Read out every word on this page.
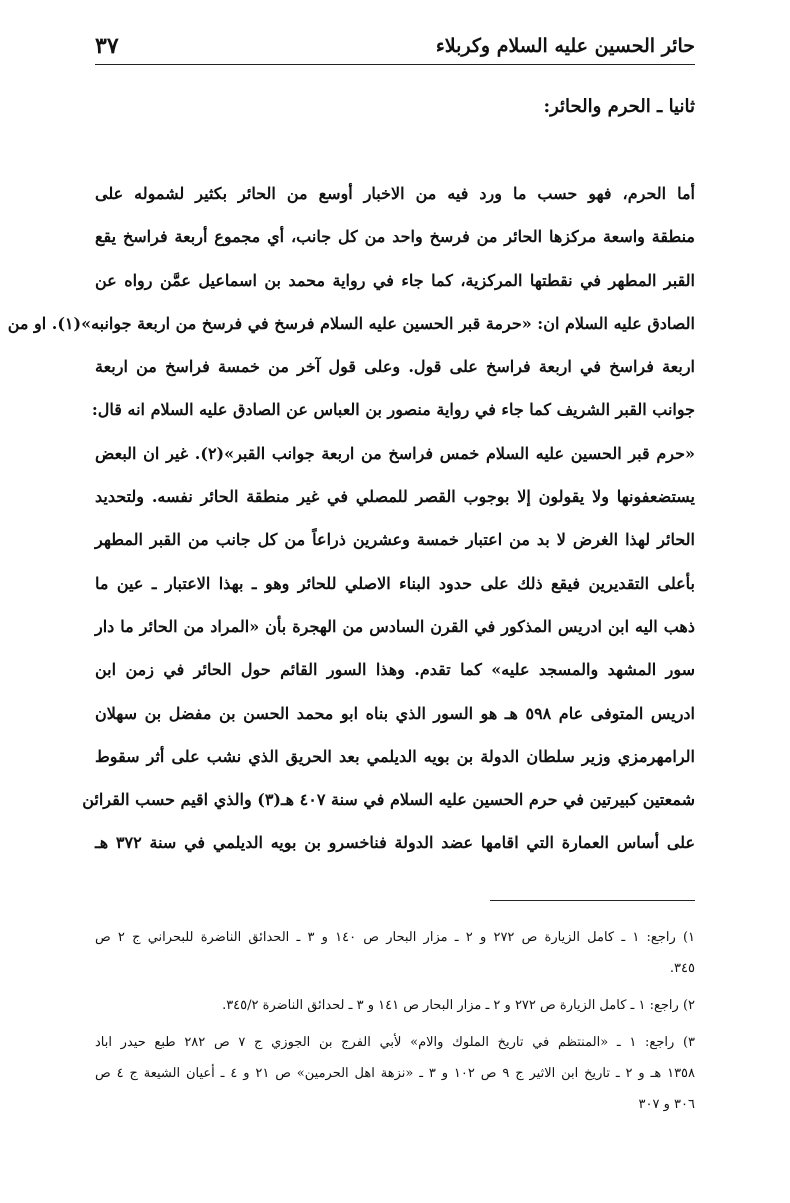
حائر الحسين عليه السلام وكربلاء
٣٧
ثانيا ـ الحرم والحائر:
أما الحرم، فهو حسب ما ورد فيه من الاخبار أوسع من الحائر بكثير لشموله على
منطقة واسعة مركزها الحائر من فرسخ واحد من كل جانب، أي مجموع أربعة فراسخ يقع
القبر المطهر في نقطتها المركزية، كما جاء في رواية محمد بن اسماعيل عمَّن رواه عن
الصادق عليه السلام ان: «حرمة قبر الحسين عليه السلام فرسخ في فرسخ من اربعة جوانبه»(١). او من
اربعة فراسخ في اربعة فراسخ على قول. وعلى قول آخر من خمسة فراسخ من اربعة
جوانب القبر الشريف كما جاء في رواية منصور بن العباس عن الصادق عليه السلام انه قال:
«حرم قبر الحسين عليه السلام خمس فراسخ من اربعة جوانب القبر»(٢). غير ان البعض
يستضعفونها ولا يقولون إلا بوجوب القصر للمصلي في غير منطقة الحائر نفسه. ولتحديد
الحائر لهذا الغرض لا بد من اعتبار خمسة وعشرين ذراعاً من كل جانب من القبر المطهر
بأعلى التقديرين فيقع ذلك على حدود البناء الاصلي للحائر وهو ـ بهذا الاعتبار ـ عين ما
ذهب اليه ابن ادريس المذكور في القرن السادس من الهجرة بأن «المراد من الحائر ما دار
سور المشهد والمسجد عليه» كما تقدم. وهذا السور القائم حول الحائر في زمن ابن
ادريس المتوفى عام ٥٩٨ هـ هو السور الذي بناه ابو محمد الحسن بن مفضل بن سهلان
الرامهرمزي وزير سلطان الدولة بن بويه الديلمي بعد الحريق الذي نشب على أثر سقوط
شمعتين كبيرتين في حرم الحسين عليه السلام في سنة ٤٠٧ هـ(٣) والذي اقيم حسب القرائن
على أساس العمارة التي اقامها عضد الدولة فناخسرو بن بويه الديلمي في سنة ٣٧٢ هـ
١) راجع: ١ ـ كامل الزيارة ص ٢٧٢ و ٢ ـ مزار البحار ص ١٤٠ و ٣ ـ الحدائق الناضرة للبحراني ج ٢ ص
٣٤٥.
٢) راجع: ١ ـ كامل الزيارة ص ٢٧٢ و ٢ ـ مزار البحار ص ١٤١ و ٣ ـ لحدائق الناضرة ٣٤٥/٢.
٣) راجع: ١ ـ «المنتظم في تاريخ الملوك والام» لأبي الفرج بن الجوزي ج ٧ ص ٢٨٢ طبع حيدر اباد
١٣٥٨ هـ و ٢ ـ تاريخ ابن الاثير ج ٩ ص ١٠٢ و ٣ ـ «نزهة اهل الحرمين» ص ٢١ و ٤ ـ أعيان الشيعة ج ٤ ص
٣٠٦ و ٣٠٧
